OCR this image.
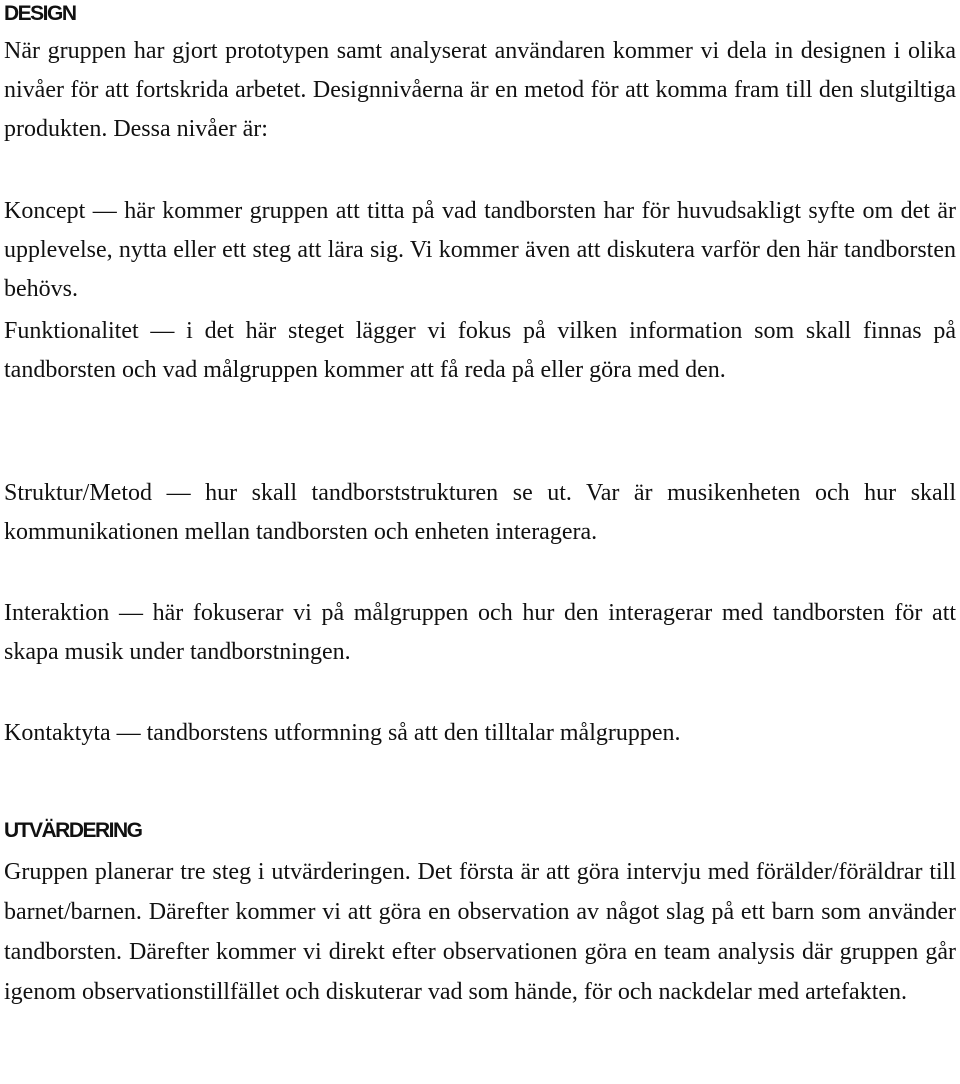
DESIGN

När gruppen har gjort prototypen samt analyserat användaren kommer vi dela in designen i olika nivåer för att fortskrida arbetet. Designnivåerna är en metod för att komma fram till den slutgiltiga produkten. Dessa nivåer är:

Koncept — här kommer gruppen att titta på vad tandborsten har för huvudsakligt syfte om det är upplevelse, nytta eller ett steg att lära sig. Vi kommer även att diskutera varför den här tandborsten behövs.

Funktionalitet — i det här steget lägger vi fokus på vilken information som skall finnas på tandborsten och vad målgruppen kommer att få reda på eller göra med den.

Struktur/Metod — hur skall tandborststrukturen se ut. Var är musikenheten och hur skall kommunikationen mellan tandborsten och enheten interagera.

Interaktion — här fokuserar vi på målgruppen och hur den interagerar med tandborsten för att skapa musik under tandborstningen.

Kontaktyta — tandborstens utformning så att den tilltalar målgruppen.

UTVÄRDERING

Gruppen planerar tre steg i utvärderingen. Det första är att göra intervju med förälder/föräldrar till barnet/barnen. Därefter kommer vi att göra en observation av något slag på ett barn som använder tandborsten. Därefter kommer vi direkt efter observationen göra en team analysis där gruppen går igenom observationstillfället och diskuterar vad som hände, för och nackdelar med artefakten.
